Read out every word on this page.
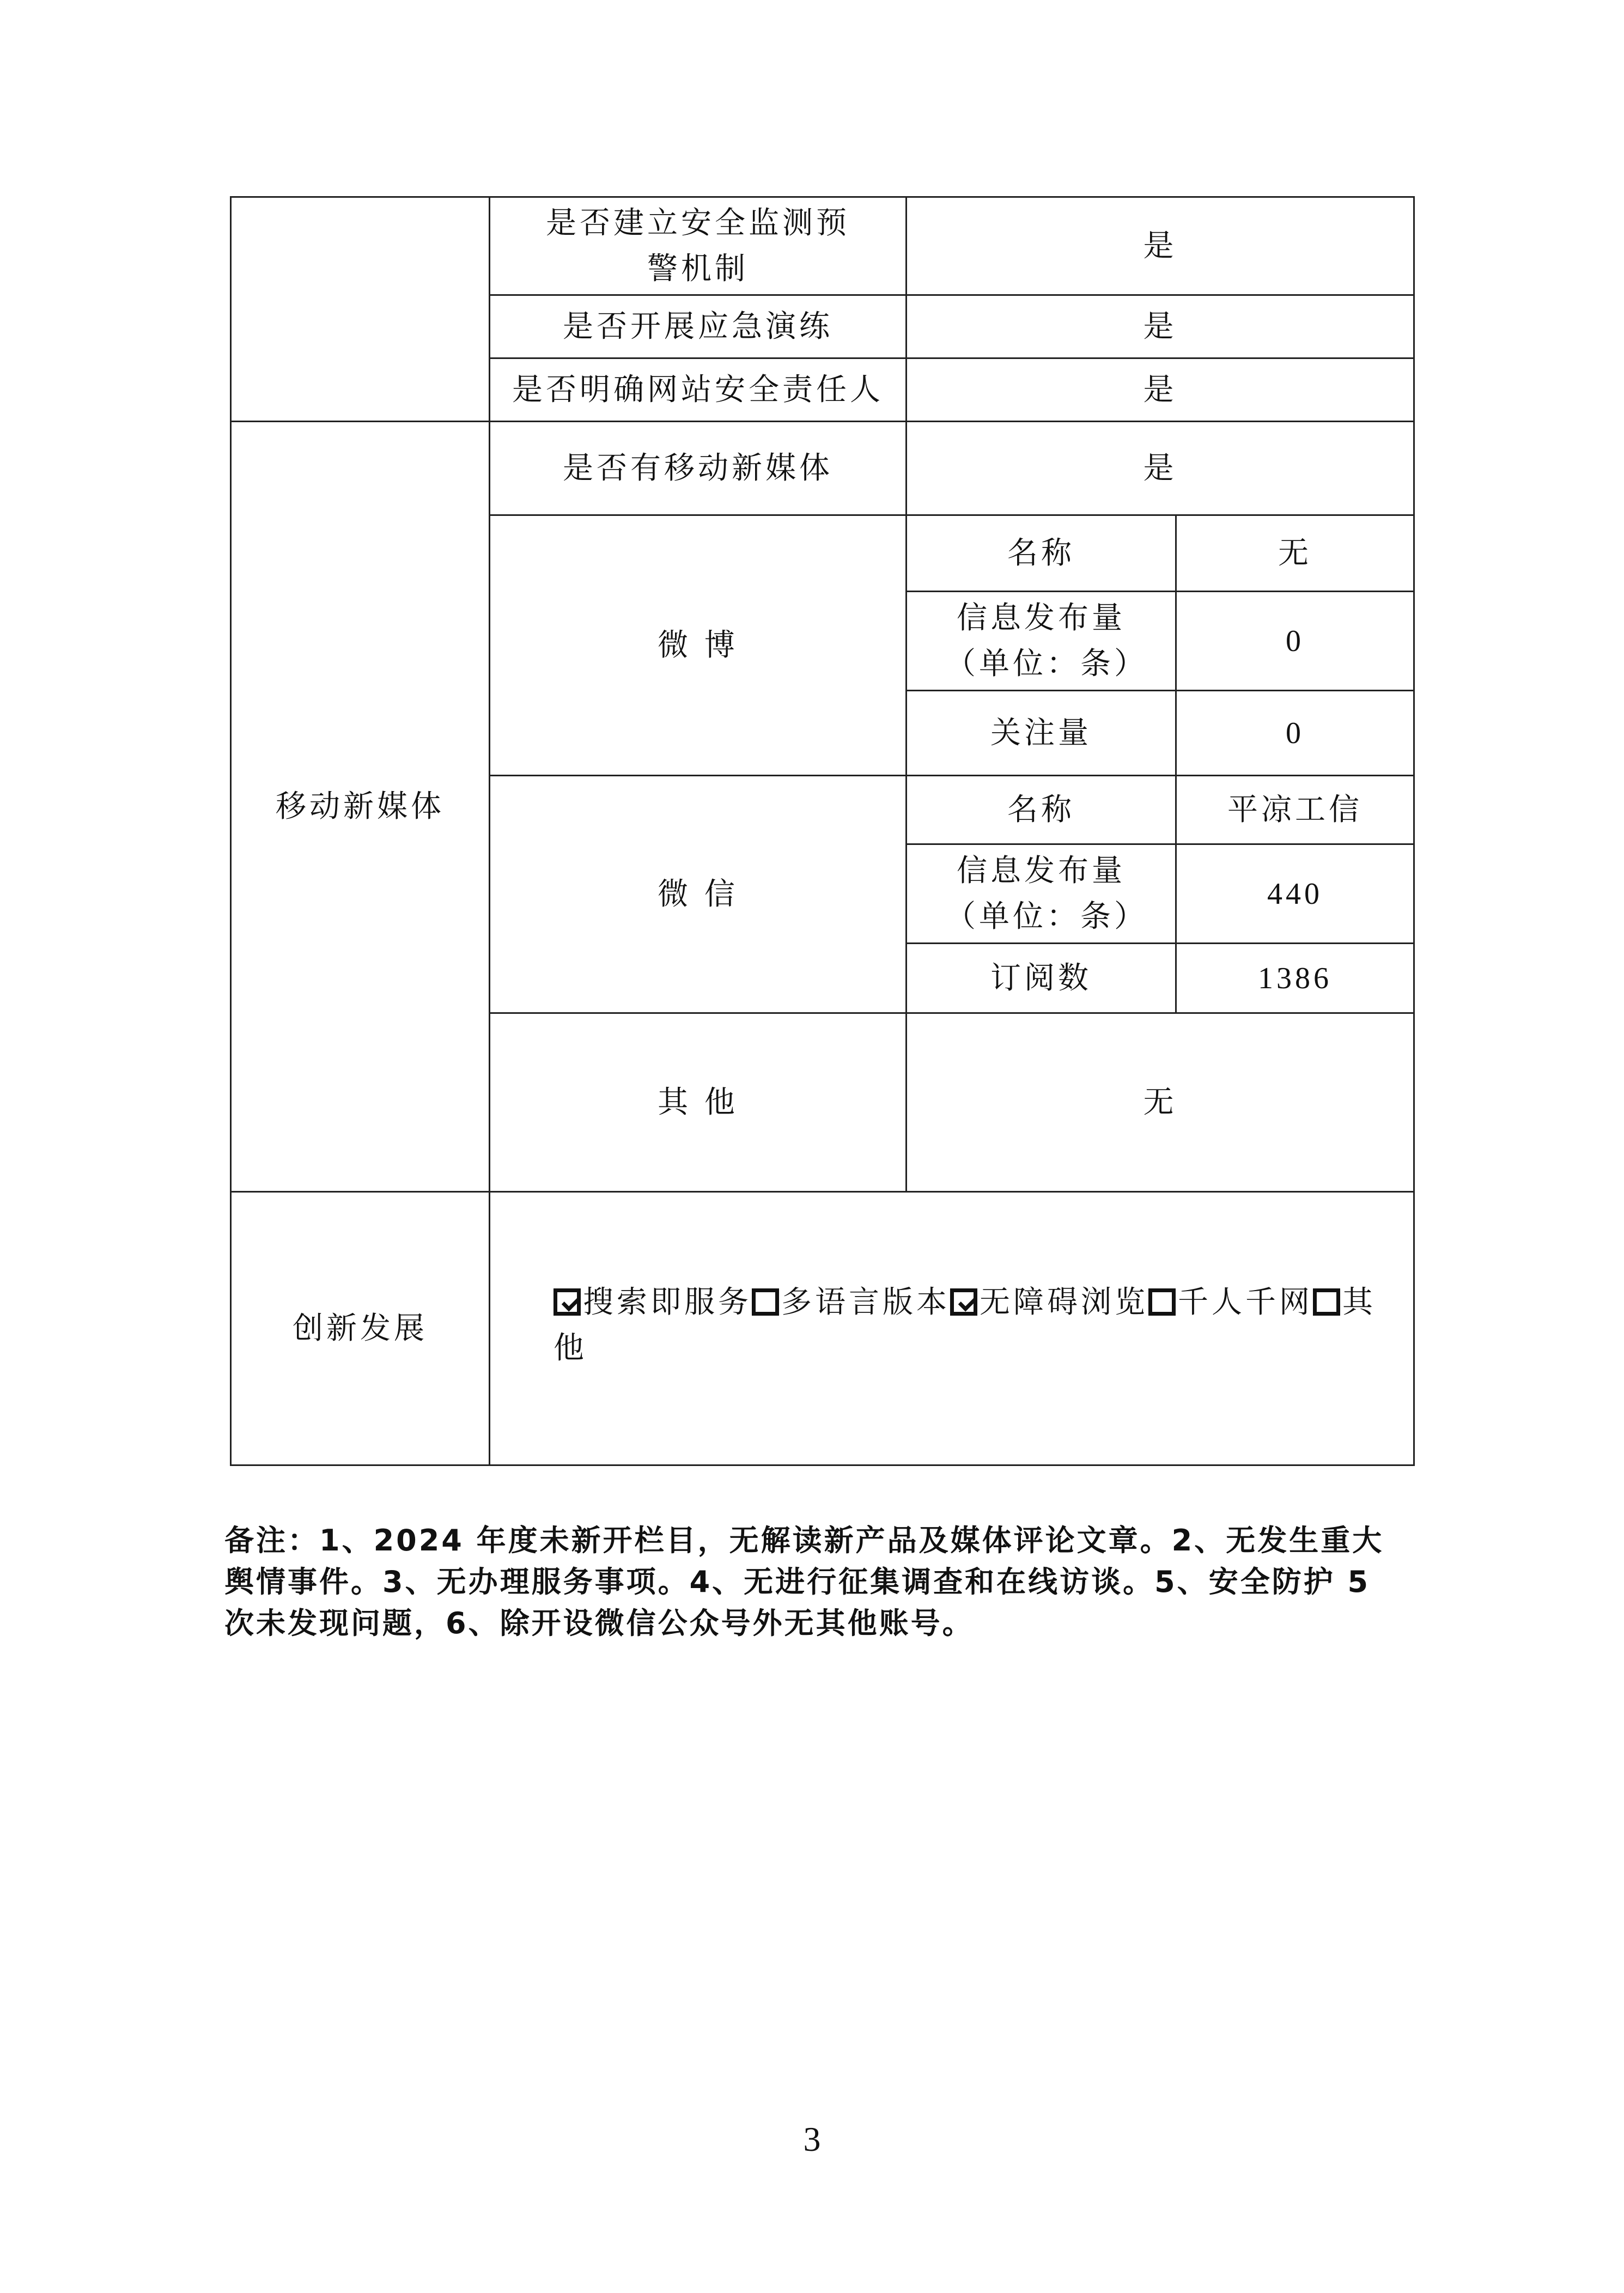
	是否建立安全监测预警机制	是	
	是否开展应急演练	是	
	是否明确网站安全责任人	是	
移动新媒体	是否有移动新媒体	是	
	微 博	名称	无
		信息发布量（单位：条）	0
		关注量	0
	微 信	名称	平凉工信
		信息发布量（单位：条）	440
		订阅数	1386
	其 他	无	
创新发展	搜索即服务 多语言版本 无障碍浏览 千人千网 其他		
备注：1、2024 年度未新开栏目，无解读新产品及媒体评论文章。2、无发生重大舆情事件。3、无办理服务事项。4、无进行征集调查和在线访谈。5、安全防护 5 次未发现问题，6、除开设微信公众号外无其他账号。
3
